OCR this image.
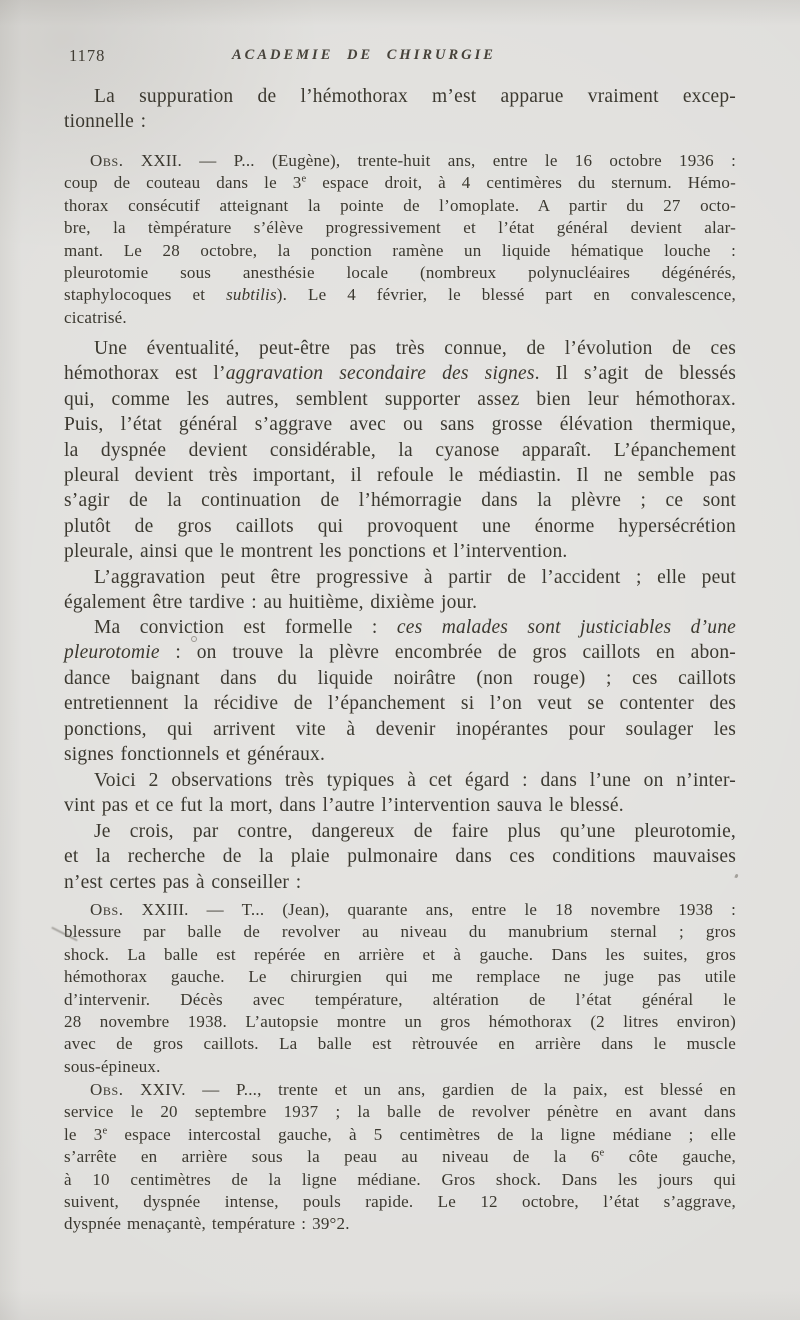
1178	ACADEMIE DE CHIRURGIE
La suppuration de l’hémothorax m’est apparue vraiment excep-
tionnelle :
Obs. XXII. — P... (Eugène), trente-huit ans, entre le 16 octobre 1936 :
coup de couteau dans le 3e espace droit, à 4 centimères du sternum. Hémo-
thorax consécutif atteignant la pointe de l’omoplate. A partir du 27 octo-
bre, la tèmpérature s’élève progressivement et l’état général devient alar-
mant. Le 28 octobre, la ponction ramène un liquide hématique louche :
pleurotomie sous anesthésie locale (nombreux polynucléaires dégénérés,
staphylocoques et subtilis). Le 4 février, le blessé part en convalescence,
cicatrisé.
Une éventualité, peut-être pas très connue, de l’évolution de ces
hémothorax est l’aggravation secondaire des signes. Il s’agit de blessés
qui, comme les autres, semblent supporter assez bien leur hémothorax.
Puis, l’état général s’aggrave avec ou sans grosse élévation thermique,
la dyspnée devient considérable, la cyanose apparaît. L’épanchement
pleural devient très important, il refoule le médiastin. Il ne semble pas
s’agir de la continuation de l’hémorragie dans la plèvre ; ce sont
plutôt de gros caillots qui provoquent une énorme hypersécrétion
pleurale, ainsi que le montrent les ponctions et l’intervention.
L’aggravation peut être progressive à partir de l’accident ; elle peut
également être tardive : au huitième, dixième jour.
Ma conviction est formelle : ces malades sont justiciables d’une
pleurotomie : on trouve la plèvre encombrée de gros caillots en abon-
dance baignant dans du liquide noirâtre (non rouge) ; ces caillots
entretiennent la récidive de l’épanchement si l’on veut se contenter des
ponctions, qui arrivent vite à devenir inopérantes pour soulager les
signes fonctionnels et généraux.
Voici 2 observations très typiques à cet égard : dans l’une on n’inter-
vint pas et ce fut la mort, dans l’autre l’intervention sauva le blessé.
Je crois, par contre, dangereux de faire plus qu’une pleurotomie,
et la recherche de la plaie pulmonaire dans ces conditions mauvaises
n’est certes pas à conseiller :
Obs. XXIII. — T... (Jean), quarante ans, entre le 18 novembre 1938 :
blessure par balle de revolver au niveau du manubrium sternal ; gros
shock. La balle est repérée en arrière et à gauche. Dans les suites, gros
hémothorax gauche. Le chirurgien qui me remplace ne juge pas utile
d’intervenir. Décès avec température, altération de l’état général le
28 novembre 1938. L’autopsie montre un gros hémothorax (2 litres environ)
avec de gros caillots. La balle est rètrouvée en arrière dans le muscle
sous-épineux.
Obs. XXIV. — P..., trente et un ans, gardien de la paix, est blessé en
service le 20 septembre 1937 ; la balle de revolver pénètre en avant dans
le 3e espace intercostal gauche, à 5 centimètres de la ligne médiane ; elle
s’arrête en arrière sous la peau au niveau de la 6e côte gauche,
à 10 centimètres de la ligne médiane. Gros shock. Dans les jours qui
suivent, dyspnée intense, pouls rapide. Le 12 octobre, l’état s’aggrave,
dyspnée menaçantè, température : 39°2.
